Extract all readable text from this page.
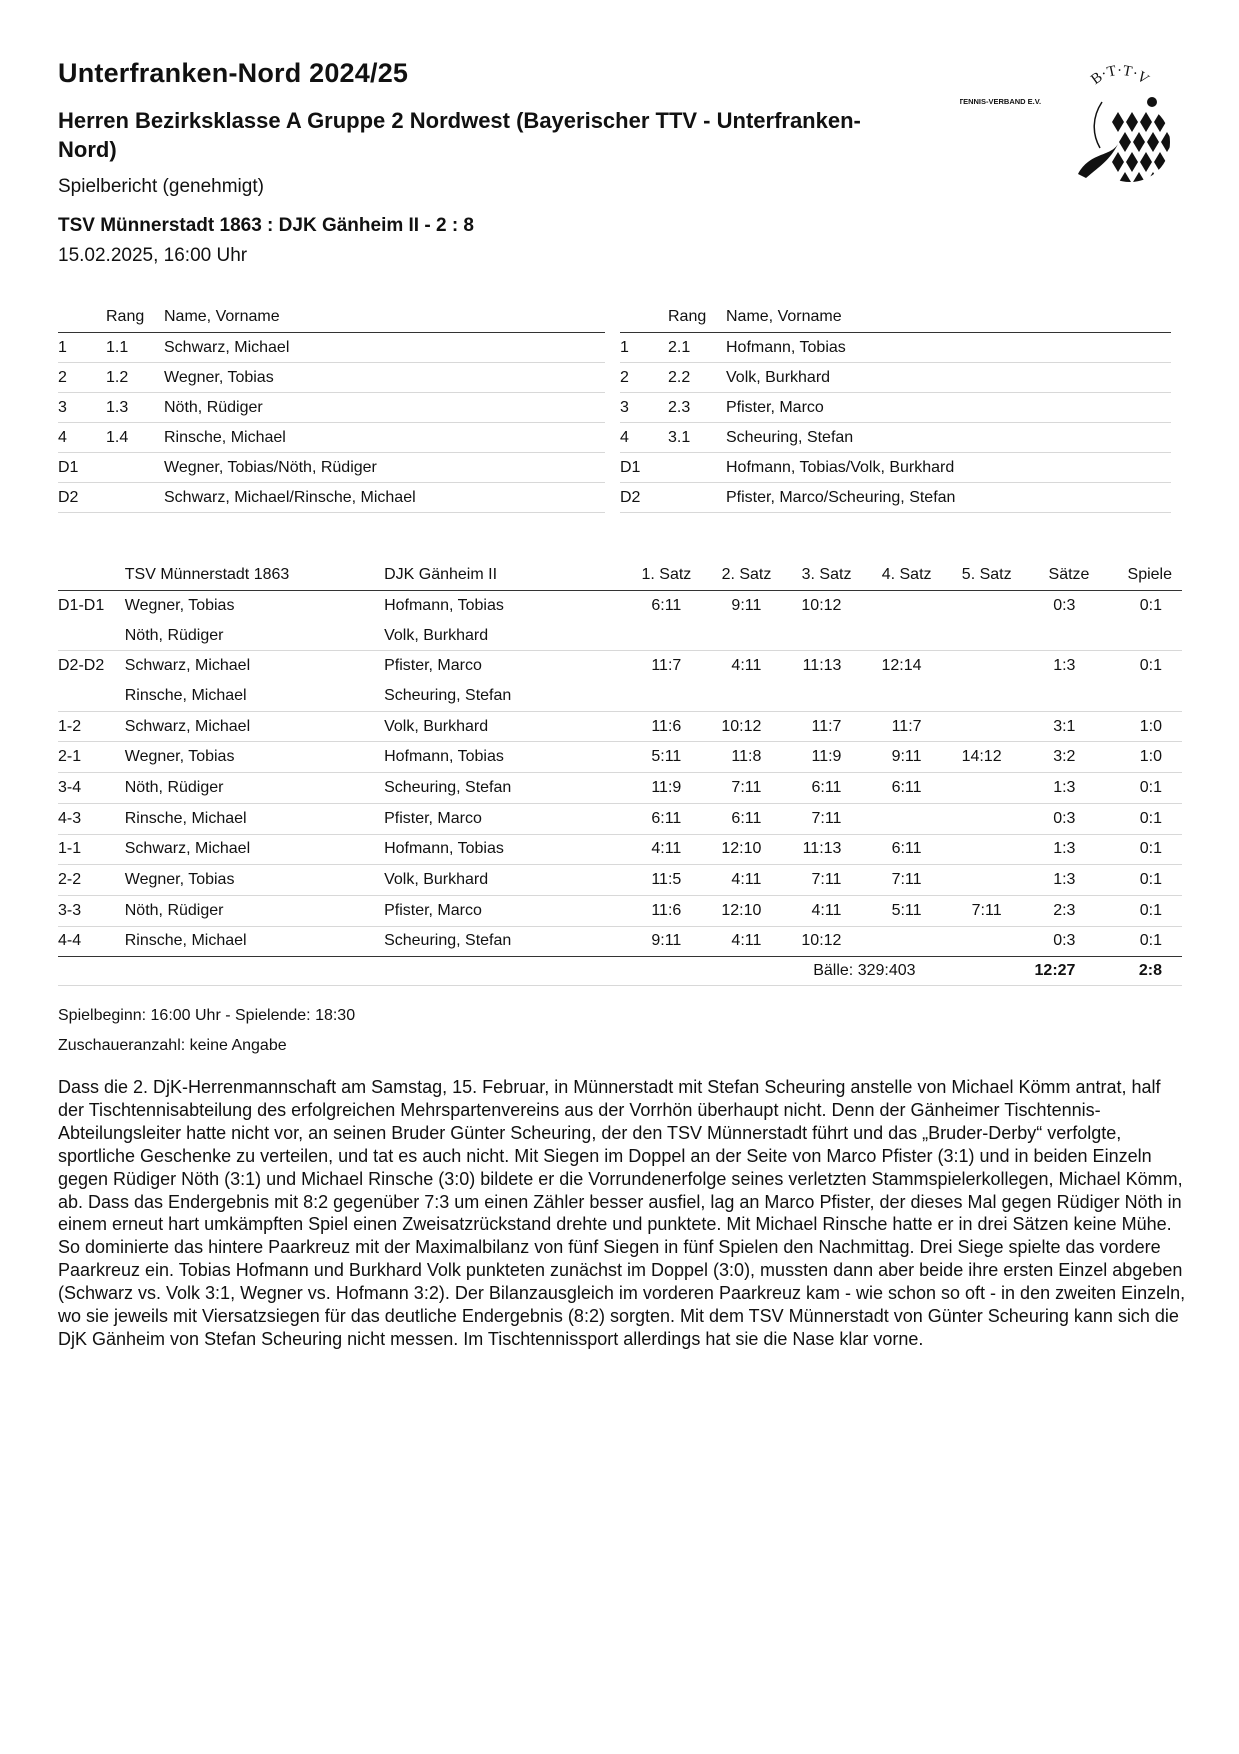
Unterfranken-Nord 2024/25
Herren Bezirksklasse A Gruppe 2 Nordwest (Bayerischer TTV - Unterfranken-Nord)
Spielbericht (genehmigt)
TSV Münnerstadt 1863 : DJK Gänheim II - 2 : 8
15.02.2025, 16:00 Uhr
B·T·T·V
TENNIS-VERBAND E.V.
	Rang	Name, Vorname
1	1.1	Schwarz, Michael
2	1.2	Wegner, Tobias
3	1.3	Nöth, Rüdiger
4	1.4	Rinsche, Michael
D1		Wegner, Tobias/Nöth, Rüdiger
D2		Schwarz, Michael/Rinsche, Michael
	Rang	Name, Vorname
1	2.1	Hofmann, Tobias
2	2.2	Volk, Burkhard
3	2.3	Pfister, Marco
4	3.1	Scheuring, Stefan
D1		Hofmann, Tobias/Volk, Burkhard
D2		Pfister, Marco/Scheuring, Stefan
	TSV Münnerstadt 1863	DJK Gänheim II	1. Satz	2. Satz	3. Satz	4. Satz	5. Satz	Sätze	Spiele
D1-D1	Wegner, Tobias	Hofmann, Tobias	6:11	9:11	10:12			0:3	0:1
	Nöth, Rüdiger	Volk, Burkhard							
D2-D2	Schwarz, Michael	Pfister, Marco	11:7	4:11	11:13	12:14		1:3	0:1
	Rinsche, Michael	Scheuring, Stefan							
1-2	Schwarz, Michael	Volk, Burkhard	11:6	10:12	11:7	11:7		3:1	1:0
2-1	Wegner, Tobias	Hofmann, Tobias	5:11	11:8	11:9	9:11	14:12	3:2	1:0
3-4	Nöth, Rüdiger	Scheuring, Stefan	11:9	7:11	6:11	6:11		1:3	0:1
4-3	Rinsche, Michael	Pfister, Marco	6:11	6:11	7:11			0:3	0:1
1-1	Schwarz, Michael	Hofmann, Tobias	4:11	12:10	11:13	6:11		1:3	0:1
2-2	Wegner, Tobias	Volk, Burkhard	11:5	4:11	7:11	7:11		1:3	0:1
3-3	Nöth, Rüdiger	Pfister, Marco	11:6	12:10	4:11	5:11	7:11	2:3	0:1
4-4	Rinsche, Michael	Scheuring, Stefan	9:11	4:11	10:12			0:3	0:1
Bälle: 329:403								12:27	2:8
Spielbeginn: 16:00 Uhr - Spielende: 18:30
Zuschaueranzahl: keine Angabe
Dass die 2. DjK-Herrenmannschaft am Samstag, 15. Februar, in Münnerstadt mit Stefan Scheuring anstelle von Michael Kömm antrat, half der Tischtennisabteilung des erfolgreichen Mehrspartenvereins aus der Vorrhön überhaupt nicht. Denn der Gänheimer Tischtennis-Abteilungsleiter hatte nicht vor, an seinen Bruder Günter Scheuring, der den TSV Münnerstadt führt und das „Bruder-Derby“ verfolgte, sportliche Geschenke zu verteilen, und tat es auch nicht. Mit Siegen im Doppel an der Seite von Marco Pfister (3:1) und in beiden Einzeln gegen Rüdiger Nöth (3:1) und Michael Rinsche (3:0) bildete er die Vorrundenerfolge seines verletzten Stammspielerkollegen, Michael Kömm, ab. Dass das Endergebnis mit 8:2 gegenüber 7:3 um einen Zähler besser ausfiel, lag an Marco Pfister, der dieses Mal gegen Rüdiger Nöth in einem erneut hart umkämpften Spiel einen Zweisatzrückstand drehte und punktete. Mit Michael Rinsche hatte er in drei Sätzen keine Mühe. So dominierte das hintere Paarkreuz mit der Maximalbilanz von fünf Siegen in fünf Spielen den Nachmittag. Drei Siege spielte das vordere Paarkreuz ein. Tobias Hofmann und Burkhard Volk punkteten zunächst im Doppel (3:0), mussten dann aber beide ihre ersten Einzel abgeben (Schwarz vs. Volk 3:1, Wegner vs. Hofmann 3:2). Der Bilanzausgleich im vorderen Paarkreuz kam - wie schon so oft - in den zweiten Einzeln, wo sie jeweils mit Viersatzsiegen für das deutliche Endergebnis (8:2) sorgten. Mit dem TSV Münnerstadt von Günter Scheuring kann sich die DjK Gänheim von Stefan Scheuring nicht messen. Im Tischtennissport allerdings hat sie die Nase klar vorne.
